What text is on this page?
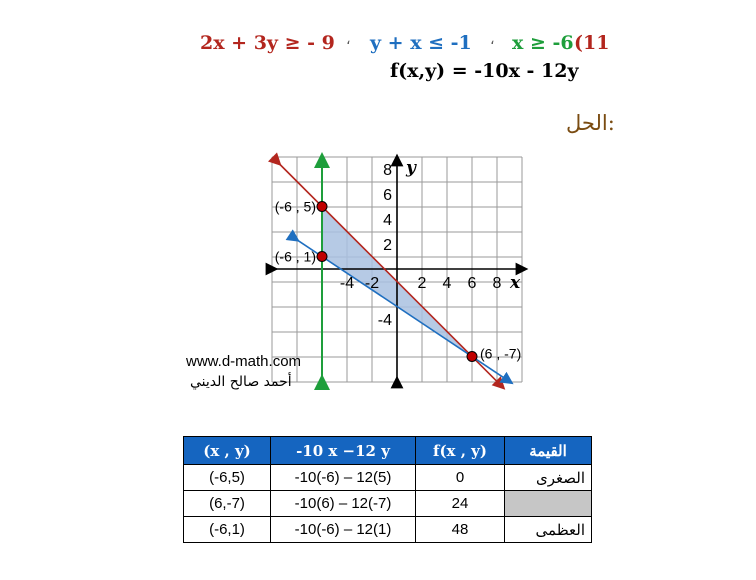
(11
x ≥ -6
،
y + x ≤ -1
،
2x + 3y ≥ - 9
f(x,y) = -10x - 12y
الحل:
-4 -2 2 4 6 8
8
6
4
2
-4
(-6 , 5)
(-6 , 1)
(6 , -7)
x
y
www.d-math.com
أحمد صالح الديني
(x , y)	-10 x −12 y	f(x , y)	القيمة
(-6,5)	-10(-6) – 12(5)	0	الصغرى
(6,-7)	-10(6) – 12(-7)	24	
(-6,1)	-10(-6) – 12(1)	48	العظمى
